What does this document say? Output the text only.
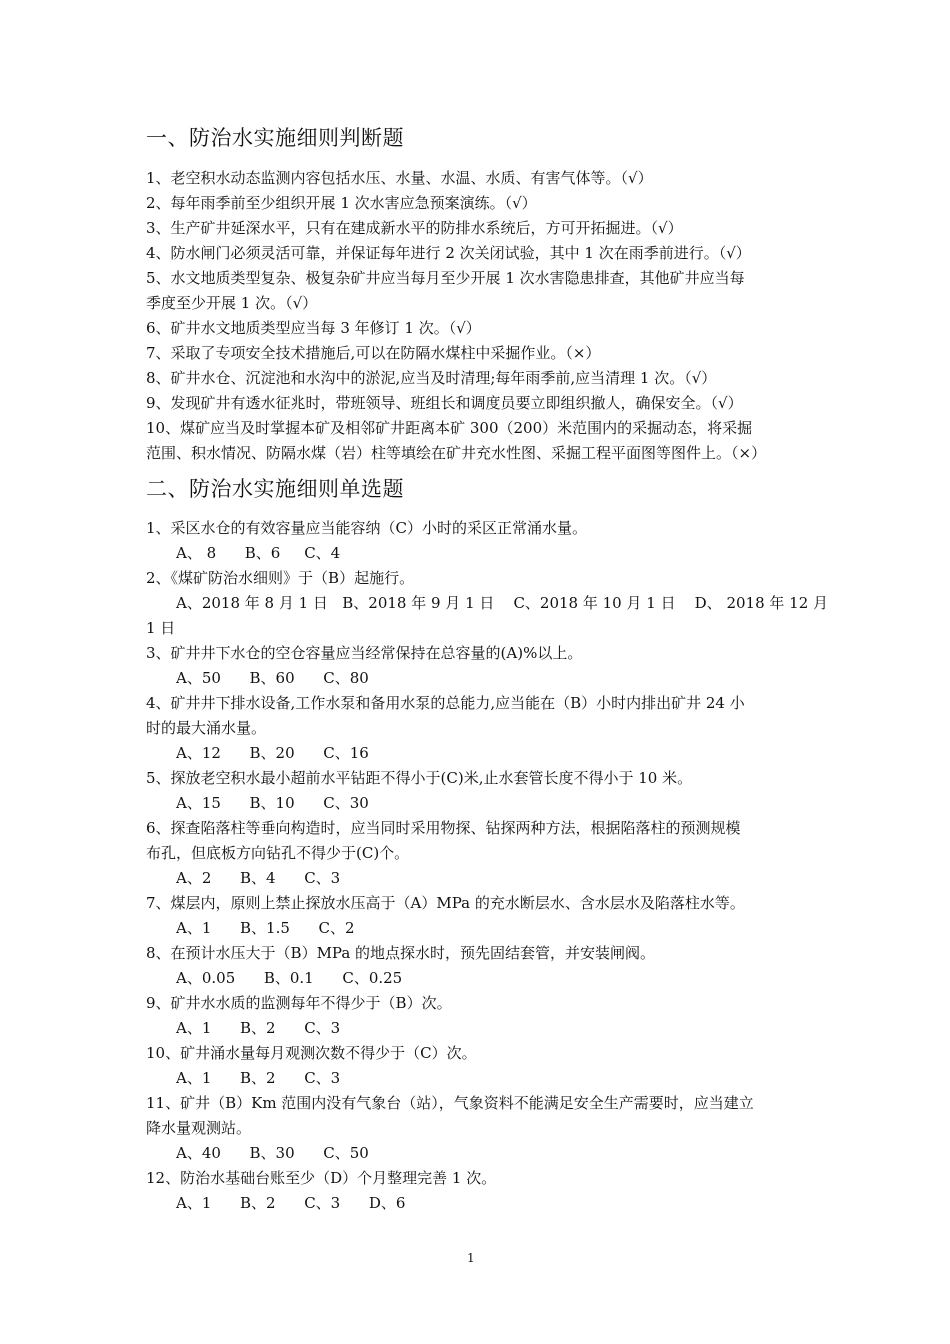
一、防治水实施细则判断题
1、老空积水动态监测内容包括水压、水量、水温、水质、有害气体等。（√）
2、每年雨季前至少组织开展 1 次水害应急预案演练。（√）
3、生产矿井延深水平，只有在建成新水平的防排水系统后，方可开拓掘进。（√）
4、防水闸门必须灵活可靠，并保证每年进行 2 次关闭试验，其中 1 次在雨季前进行。（√）
5、水文地质类型复杂、极复杂矿井应当每月至少开展 1 次水害隐患排查，其他矿井应当每
季度至少开展 1 次。（√）
6、矿井水文地质类型应当每 3 年修订 1 次。（√）
7、采取了专项安全技术措施后,可以在防隔水煤柱中采掘作业。（×）
8、矿井水仓、沉淀池和水沟中的淤泥,应当及时清理;每年雨季前,应当清理 1 次。（√）
9、发现矿井有透水征兆时，带班领导、班组长和调度员要立即组织撤人，确保安全。（√）
10、煤矿应当及时掌握本矿及相邻矿井距离本矿 300（200）米范围内的采掘动态，将采掘
范围、积水情况、防隔水煤（岩）柱等填绘在矿井充水性图、采掘工程平面图等图件上。（×）
二、防治水实施细则单选题
1、采区水仓的有效容量应当能容纳（C）小时的采区正常涌水量。
A、 8 B、6 C、4
2、《煤矿防治水细则》于（B）起施行。
A、2018 年 8 月 1 日 B、2018 年 9 月 1 日 C、2018 年 10 月 1 日 D、 2018 年 12 月
1 日
3、矿井井下水仓的空仓容量应当经常保持在总容量的(A)%以上。
A、50 B、60 C、80
4、矿井井下排水设备,工作水泵和备用水泵的总能力,应当能在（B）小时内排出矿井 24 小
时的最大涌水量。
A、12 B、20 C、16
5、探放老空积水最小超前水平钻距不得小于(C)米,止水套管长度不得小于 10 米。
A、15 B、10 C、30
6、探查陷落柱等垂向构造时，应当同时采用物探、钻探两种方法，根据陷落柱的预测规模
布孔，但底板方向钻孔不得少于(C)个。
A、2 B、4 C、3
7、煤层内，原则上禁止探放水压高于（A）MPa 的充水断层水、含水层水及陷落柱水等。
A、1 B、1.5 C、2
8、在预计水压大于（B）MPa 的地点探水时，预先固结套管，并安装闸阀。
A、0.05 B、0.1 C、0.25
9、矿井水水质的监测每年不得少于（B）次。
A、1 B、2 C、3
10、矿井涌水量每月观测次数不得少于（C）次。
A、1 B、2 C、3
11、矿井（B）Km 范围内没有气象台（站），气象资料不能满足安全生产需要时，应当建立
降水量观测站。
A、40 B、30 C、50
12、防治水基础台账至少（D）个月整理完善 1 次。
A、1 B、2 C、3 D、6
1
